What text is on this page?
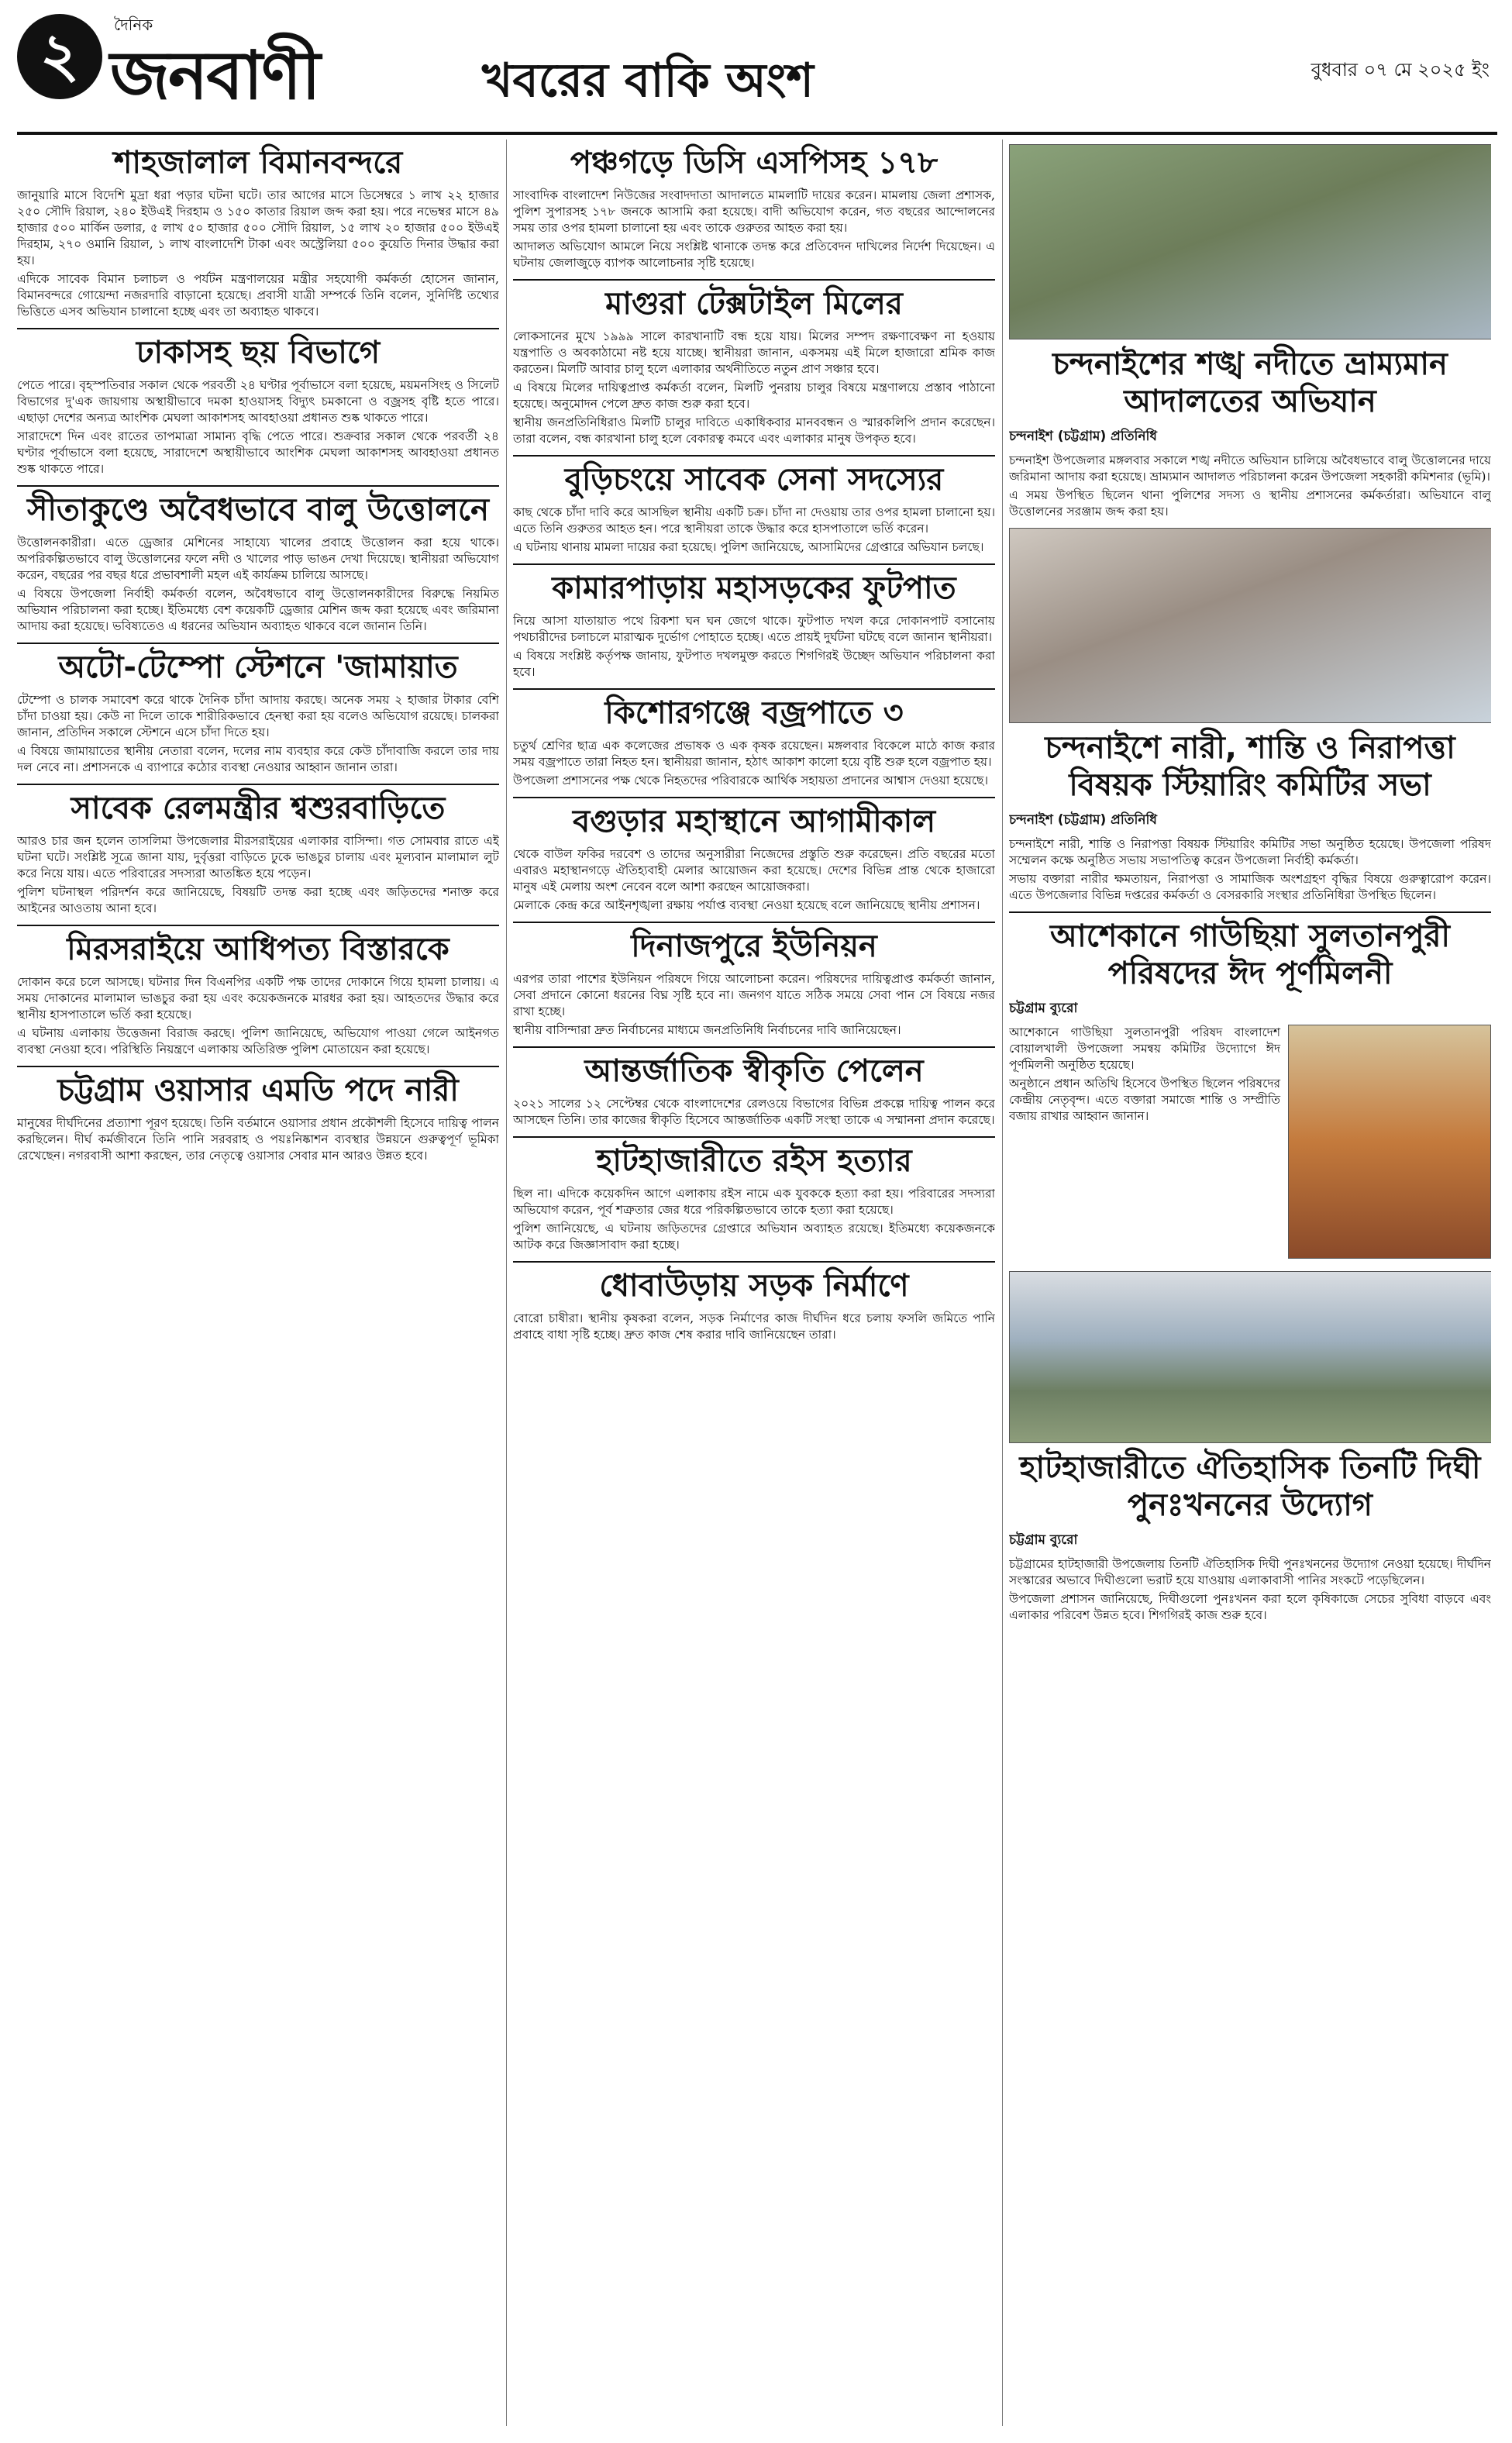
২	দৈনিক
জনবাণী	খবরের বাকি অংশ	বুধবার ০৭ মে ২০২৫ ইং
শাহজালাল বিমানবন্দরে

জানুয়ারি মাসে বিদেশি মুদ্রা ধরা পড়ার ঘটনা ঘটে। তার আগের মাসে ডিসেম্বরে ১ লাখ ২২ হাজার ২৫০ সৌদি রিয়াল, ২৪০ ইউএই দিরহাম ও ১৫০ কাতার রিয়াল জব্দ করা হয়। পরে নভেম্বর মাসে ৪৯ হাজার ৫০০ মার্কিন ডলার, ৫ লাখ ৫০ হাজার ৫০০ সৌদি রিয়াল, ১৫ লাখ ২০ হাজার ৫০০ ইউএই দিরহাম, ২৭০ ওমানি রিয়াল, ১ লাখ বাংলাদেশি টাকা এবং অস্ট্রেলিয়া ৫০০ কুয়েতি দিনার উদ্ধার করা হয়।

এদিকে সাবেক বিমান চলাচল ও পর্যটন মন্ত্রণালয়ের মন্ত্রীর সহযোগী কর্মকর্তা হোসেন জানান, বিমানবন্দরে গোয়েন্দা নজরদারি বাড়ানো হয়েছে। প্রবাসী যাত্রী সম্পর্কে তিনি বলেন, সুনির্দিষ্ট তথ্যের ভিত্তিতে এসব অভিযান চালানো হচ্ছে এবং তা অব্যাহত থাকবে।

ঢাকাসহ ছয় বিভাগে

পেতে পারে। বৃহস্পতিবার সকাল থেকে পরবর্তী ২৪ ঘণ্টার পূর্বাভাসে বলা হয়েছে, ময়মনসিংহ ও সিলেট বিভাগের দু'এক জায়গায় অস্থায়ীভাবে দমকা হাওয়াসহ বিদ্যুৎ চমকানো ও বজ্রসহ বৃষ্টি হতে পারে। এছাড়া দেশের অন্যত্র আংশিক মেঘলা আকাশসহ আবহাওয়া প্রধানত শুষ্ক থাকতে পারে।

সারাদেশে দিন এবং রাতের তাপমাত্রা সামান্য বৃদ্ধি পেতে পারে। শুক্রবার সকাল থেকে পরবর্তী ২৪ ঘণ্টার পূর্বাভাসে বলা হয়েছে, সারাদেশে অস্থায়ীভাবে আংশিক মেঘলা আকাশসহ আবহাওয়া প্রধানত শুষ্ক থাকতে পারে।

সীতাকুণ্ডে অবৈধভাবে বালু উত্তোলনে

উত্তোলনকারীরা। এতে ড্রেজার মেশিনের সাহায্যে খালের প্রবাহে উত্তোলন করা হয়ে থাকে। অপরিকল্পিতভাবে বালু উত্তোলনের ফলে নদী ও খালের পাড় ভাঙন দেখা দিয়েছে। স্থানীয়রা অভিযোগ করেন, বছরের পর বছর ধরে প্রভাবশালী মহল এই কার্যক্রম চালিয়ে আসছে।

এ বিষয়ে উপজেলা নির্বাহী কর্মকর্তা বলেন, অবৈধভাবে বালু উত্তোলনকারীদের বিরুদ্ধে নিয়মিত অভিযান পরিচালনা করা হচ্ছে। ইতিমধ্যে বেশ কয়েকটি ড্রেজার মেশিন জব্দ করা হয়েছে এবং জরিমানা আদায় করা হয়েছে। ভবিষ্যতেও এ ধরনের অভিযান অব্যাহত থাকবে বলে জানান তিনি।

অটো-টেম্পো স্টেশনে 'জামায়াত

টেম্পো ও চালক সমাবেশ করে থাকে দৈনিক চাঁদা আদায় করছে। অনেক সময় ২ হাজার টাকার বেশি চাঁদা চাওয়া হয়। কেউ না দিলে তাকে শারীরিকভাবে হেনস্থা করা হয় বলেও অভিযোগ রয়েছে। চালকরা জানান, প্রতিদিন সকালে স্টেশনে এসে চাঁদা দিতে হয়।

এ বিষয়ে জামায়াতের স্থানীয় নেতারা বলেন, দলের নাম ব্যবহার করে কেউ চাঁদাবাজি করলে তার দায় দল নেবে না। প্রশাসনকে এ ব্যাপারে কঠোর ব্যবস্থা নেওয়ার আহ্বান জানান তারা।

সাবেক রেলমন্ত্রীর শ্বশুরবাড়িতে

আরও চার জন হলেন তাসলিমা উপজেলার মীরসরাইয়ের এলাকার বাসিন্দা। গত সোমবার রাতে এই ঘটনা ঘটে। সংশ্লিষ্ট সূত্রে জানা যায়, দুর্বৃত্তরা বাড়িতে ঢুকে ভাঙচুর চালায় এবং মূল্যবান মালামাল লুট করে নিয়ে যায়। এতে পরিবারের সদস্যরা আতঙ্কিত হয়ে পড়েন।

পুলিশ ঘটনাস্থল পরিদর্শন করে জানিয়েছে, বিষয়টি তদন্ত করা হচ্ছে এবং জড়িতদের শনাক্ত করে আইনের আওতায় আনা হবে।

মিরসরাইয়ে আধিপত্য বিস্তারকে

দোকান করে চলে আসছে। ঘটনার দিন বিএনপির একটি পক্ষ তাদের দোকানে গিয়ে হামলা চালায়। এ সময় দোকানের মালামাল ভাঙচুর করা হয় এবং কয়েকজনকে মারধর করা হয়। আহতদের উদ্ধার করে স্থানীয় হাসপাতালে ভর্তি করা হয়েছে।

এ ঘটনায় এলাকায় উত্তেজনা বিরাজ করছে। পুলিশ জানিয়েছে, অভিযোগ পাওয়া গেলে আইনগত ব্যবস্থা নেওয়া হবে। পরিস্থিতি নিয়ন্ত্রণে এলাকায় অতিরিক্ত পুলিশ মোতায়েন করা হয়েছে।

চট্টগ্রাম ওয়াসার এমডি পদে নারী

মানুষের দীর্ঘদিনের প্রত্যাশা পূরণ হয়েছে। তিনি বর্তমানে ওয়াসার প্রধান প্রকৌশলী হিসেবে দায়িত্ব পালন করছিলেন। দীর্ঘ কর্মজীবনে তিনি পানি সরবরাহ ও পয়ঃনিষ্কাশন ব্যবস্থার উন্নয়নে গুরুত্বপূর্ণ ভূমিকা রেখেছেন। নগরবাসী আশা করছেন, তার নেতৃত্বে ওয়াসার সেবার মান আরও উন্নত হবে।

পঞ্চগড়ে ডিসি এসপিসহ ১৭৮

সাংবাদিক বাংলাদেশ নিউজের সংবাদদাতা আদালতে মামলাটি দায়ের করেন। মামলায় জেলা প্রশাসক, পুলিশ সুপারসহ ১৭৮ জনকে আসামি করা হয়েছে। বাদী অভিযোগ করেন, গত বছরের আন্দোলনের সময় তার ওপর হামলা চালানো হয় এবং তাকে গুরুতর আহত করা হয়।

আদালত অভিযোগ আমলে নিয়ে সংশ্লিষ্ট থানাকে তদন্ত করে প্রতিবেদন দাখিলের নির্দেশ দিয়েছেন। এ ঘটনায় জেলাজুড়ে ব্যাপক আলোচনার সৃষ্টি হয়েছে।

মাগুরা টেক্সটাইল মিলের

লোকসানের মুখে ১৯৯৯ সালে কারখানাটি বন্ধ হয়ে যায়। মিলের সম্পদ রক্ষণাবেক্ষণ না হওয়ায় যন্ত্রপাতি ও অবকাঠামো নষ্ট হয়ে যাচ্ছে। স্থানীয়রা জানান, একসময় এই মিলে হাজারো শ্রমিক কাজ করতেন। মিলটি আবার চালু হলে এলাকার অর্থনীতিতে নতুন প্রাণ সঞ্চার হবে।

এ বিষয়ে মিলের দায়িত্বপ্রাপ্ত কর্মকর্তা বলেন, মিলটি পুনরায় চালুর বিষয়ে মন্ত্রণালয়ে প্রস্তাব পাঠানো হয়েছে। অনুমোদন পেলে দ্রুত কাজ শুরু করা হবে।

স্থানীয় জনপ্রতিনিধিরাও মিলটি চালুর দাবিতে একাধিকবার মানববন্ধন ও স্মারকলিপি প্রদান করেছেন। তারা বলেন, বন্ধ কারখানা চালু হলে বেকারত্ব কমবে এবং এলাকার মানুষ উপকৃত হবে।

বুড়িচংয়ে সাবেক সেনা সদস্যের

কাছ থেকে চাঁদা দাবি করে আসছিল স্থানীয় একটি চক্র। চাঁদা না দেওয়ায় তার ওপর হামলা চালানো হয়। এতে তিনি গুরুতর আহত হন। পরে স্থানীয়রা তাকে উদ্ধার করে হাসপাতালে ভর্তি করেন।

এ ঘটনায় থানায় মামলা দায়ের করা হয়েছে। পুলিশ জানিয়েছে, আসামিদের গ্রেপ্তারে অভিযান চলছে।

কামারপাড়ায় মহাসড়কের ফুটপাত

নিয়ে আসা যাতায়াত পথে রিকশা ঘন ঘন জেগে থাকে। ফুটপাত দখল করে দোকানপাট বসানোয় পথচারীদের চলাচলে মারাত্মক দুর্ভোগ পোহাতে হচ্ছে। এতে প্রায়ই দুর্ঘটনা ঘটছে বলে জানান স্থানীয়রা।

এ বিষয়ে সংশ্লিষ্ট কর্তৃপক্ষ জানায়, ফুটপাত দখলমুক্ত করতে শিগগিরই উচ্ছেদ অভিযান পরিচালনা করা হবে।

কিশোরগঞ্জে বজ্রপাতে ৩

চতুর্থ শ্রেণির ছাত্র এক কলেজের প্রভাষক ও এক কৃষক রয়েছেন। মঙ্গলবার বিকেলে মাঠে কাজ করার সময় বজ্রপাতে তারা নিহত হন। স্থানীয়রা জানান, হঠাৎ আকাশ কালো হয়ে বৃষ্টি শুরু হলে বজ্রপাত হয়।

উপজেলা প্রশাসনের পক্ষ থেকে নিহতদের পরিবারকে আর্থিক সহায়তা প্রদানের আশ্বাস দেওয়া হয়েছে।

বগুড়ার মহাস্থানে আগামীকাল

থেকে বাউল ফকির দরবেশ ও তাদের অনুসারীরা নিজেদের প্রস্তুতি শুরু করেছেন। প্রতি বছরের মতো এবারও মহাস্থানগড়ে ঐতিহ্যবাহী মেলার আয়োজন করা হয়েছে। দেশের বিভিন্ন প্রান্ত থেকে হাজারো মানুষ এই মেলায় অংশ নেবেন বলে আশা করছেন আয়োজকরা।

মেলাকে কেন্দ্র করে আইনশৃঙ্খলা রক্ষায় পর্যাপ্ত ব্যবস্থা নেওয়া হয়েছে বলে জানিয়েছে স্থানীয় প্রশাসন।

দিনাজপুরে ইউনিয়ন

এরপর তারা পাশের ইউনিয়ন পরিষদে গিয়ে আলোচনা করেন। পরিষদের দায়িত্বপ্রাপ্ত কর্মকর্তা জানান, সেবা প্রদানে কোনো ধরনের বিঘ্ন সৃষ্টি হবে না। জনগণ যাতে সঠিক সময়ে সেবা পান সে বিষয়ে নজর রাখা হচ্ছে।

স্থানীয় বাসিন্দারা দ্রুত নির্বাচনের মাধ্যমে জনপ্রতিনিধি নির্বাচনের দাবি জানিয়েছেন।

আন্তর্জাতিক স্বীকৃতি পেলেন

২০২১ সালের ১২ সেপ্টেম্বর থেকে বাংলাদেশের রেলওয়ে বিভাগের বিভিন্ন প্রকল্পে দায়িত্ব পালন করে আসছেন তিনি। তার কাজের স্বীকৃতি হিসেবে আন্তর্জাতিক একটি সংস্থা তাকে এ সম্মাননা প্রদান করেছে।

হাটহাজারীতে রইস হত্যার

ছিল না। এদিকে কয়েকদিন আগে এলাকায় রইস নামে এক যুবককে হত্যা করা হয়। পরিবারের সদস্যরা অভিযোগ করেন, পূর্ব শত্রুতার জের ধরে পরিকল্পিতভাবে তাকে হত্যা করা হয়েছে।

পুলিশ জানিয়েছে, এ ঘটনায় জড়িতদের গ্রেপ্তারে অভিযান অব্যাহত রয়েছে। ইতিমধ্যে কয়েকজনকে আটক করে জিজ্ঞাসাবাদ করা হচ্ছে।

ধোবাউড়ায় সড়ক নির্মাণে

বোরো চাষীরা। স্থানীয় কৃষকরা বলেন, সড়ক নির্মাণের কাজ দীর্ঘদিন ধরে চলায় ফসলি জমিতে পানি প্রবাহে বাধা সৃষ্টি হচ্ছে। দ্রুত কাজ শেষ করার দাবি জানিয়েছেন তারা।

চন্দনাইশের শঙ্খ নদীতে ভ্রাম্যমান আদালতের অভিযান
চন্দনাইশ (চট্টগ্রাম) প্রতিনিধি

চন্দনাইশ উপজেলার মঙ্গলবার সকালে শঙ্খ নদীতে অভিযান চালিয়ে অবৈধভাবে বালু উত্তোলনের দায়ে জরিমানা আদায় করা হয়েছে। ভ্রাম্যমান আদালত পরিচালনা করেন উপজেলা সহকারী কমিশনার (ভূমি)।

এ সময় উপস্থিত ছিলেন থানা পুলিশের সদস্য ও স্থানীয় প্রশাসনের কর্মকর্তারা। অভিযানে বালু উত্তোলনের সরঞ্জাম জব্দ করা হয়।

চন্দনাইশে নারী, শান্তি ও নিরাপত্তা বিষয়ক স্টিয়ারিং কমিটির সভা
চন্দনাইশ (চট্টগ্রাম) প্রতিনিধি

চন্দনাইশে নারী, শান্তি ও নিরাপত্তা বিষয়ক স্টিয়ারিং কমিটির সভা অনুষ্ঠিত হয়েছে। উপজেলা পরিষদ সম্মেলন কক্ষে অনুষ্ঠিত সভায় সভাপতিত্ব করেন উপজেলা নির্বাহী কর্মকর্তা।

সভায় বক্তারা নারীর ক্ষমতায়ন, নিরাপত্তা ও সামাজিক অংশগ্রহণ বৃদ্ধির বিষয়ে গুরুত্বারোপ করেন। এতে উপজেলার বিভিন্ন দপ্তরের কর্মকর্তা ও বেসরকারি সংস্থার প্রতিনিধিরা উপস্থিত ছিলেন।

আশেকানে গাউছিয়া সুলতানপুরী পরিষদের ঈদ পূর্ণমিলনী
চট্টগ্রাম ব্যুরো

আশেকানে গাউছিয়া সুলতানপুরী পরিষদ বাংলাদেশ বোয়ালখালী উপজেলা সমন্বয় কমিটির উদ্যোগে ঈদ পূর্ণমিলনী অনুষ্ঠিত হয়েছে।

অনুষ্ঠানে প্রধান অতিথি হিসেবে উপস্থিত ছিলেন পরিষদের কেন্দ্রীয় নেতৃবৃন্দ। এতে বক্তারা সমাজে শান্তি ও সম্প্রীতি বজায় রাখার আহ্বান জানান।

হাটহাজারীতে ঐতিহাসিক তিনটি দিঘী পুনঃখননের উদ্যোগ
চট্টগ্রাম ব্যুরো

চট্টগ্রামের হাটহাজারী উপজেলায় তিনটি ঐতিহাসিক দিঘী পুনঃখননের উদ্যোগ নেওয়া হয়েছে। দীর্ঘদিন সংস্কারের অভাবে দিঘীগুলো ভরাট হয়ে যাওয়ায় এলাকাবাসী পানির সংকটে পড়েছিলেন।

উপজেলা প্রশাসন জানিয়েছে, দিঘীগুলো পুনঃখনন করা হলে কৃষিকাজে সেচের সুবিধা বাড়বে এবং এলাকার পরিবেশ উন্নত হবে। শিগগিরই কাজ শুরু হবে।
